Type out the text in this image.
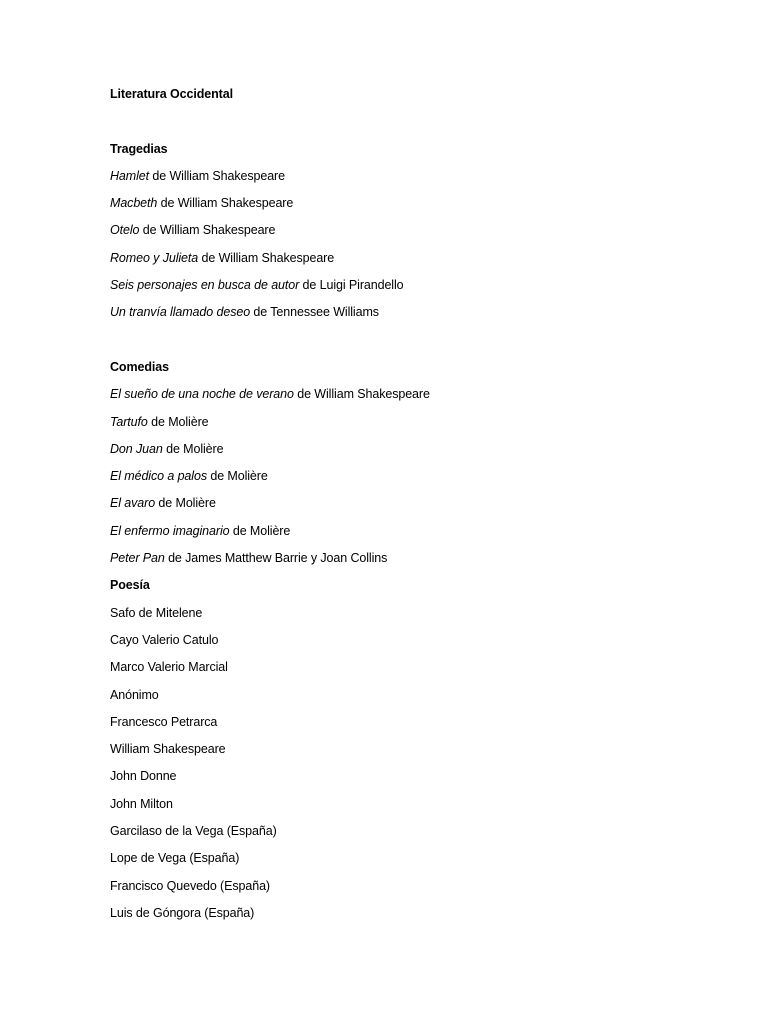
Literatura Occidental
Tragedias
Hamlet de William Shakespeare
Macbeth de William Shakespeare
Otelo de William Shakespeare
Romeo y Julieta de William Shakespeare
Seis personajes en busca de autor de Luigi Pirandello
Un tranvía llamado deseo de Tennessee Williams
Comedias
El sueño de una noche de verano de William Shakespeare
Tartufo de Molière
Don Juan de Molière
El médico a palos de Molière
El avaro de Molière
El enfermo imaginario de Molière
Peter Pan de James Matthew Barrie y Joan Collins
Poesía
Safo de Mitelene
Cayo Valerio Catulo
Marco Valerio Marcial
Anónimo
Francesco Petrarca
William Shakespeare
John Donne
John Milton
Garcilaso de la Vega (España)
Lope de Vega (España)
Francisco Quevedo (España)
Luis de Góngora (España)
